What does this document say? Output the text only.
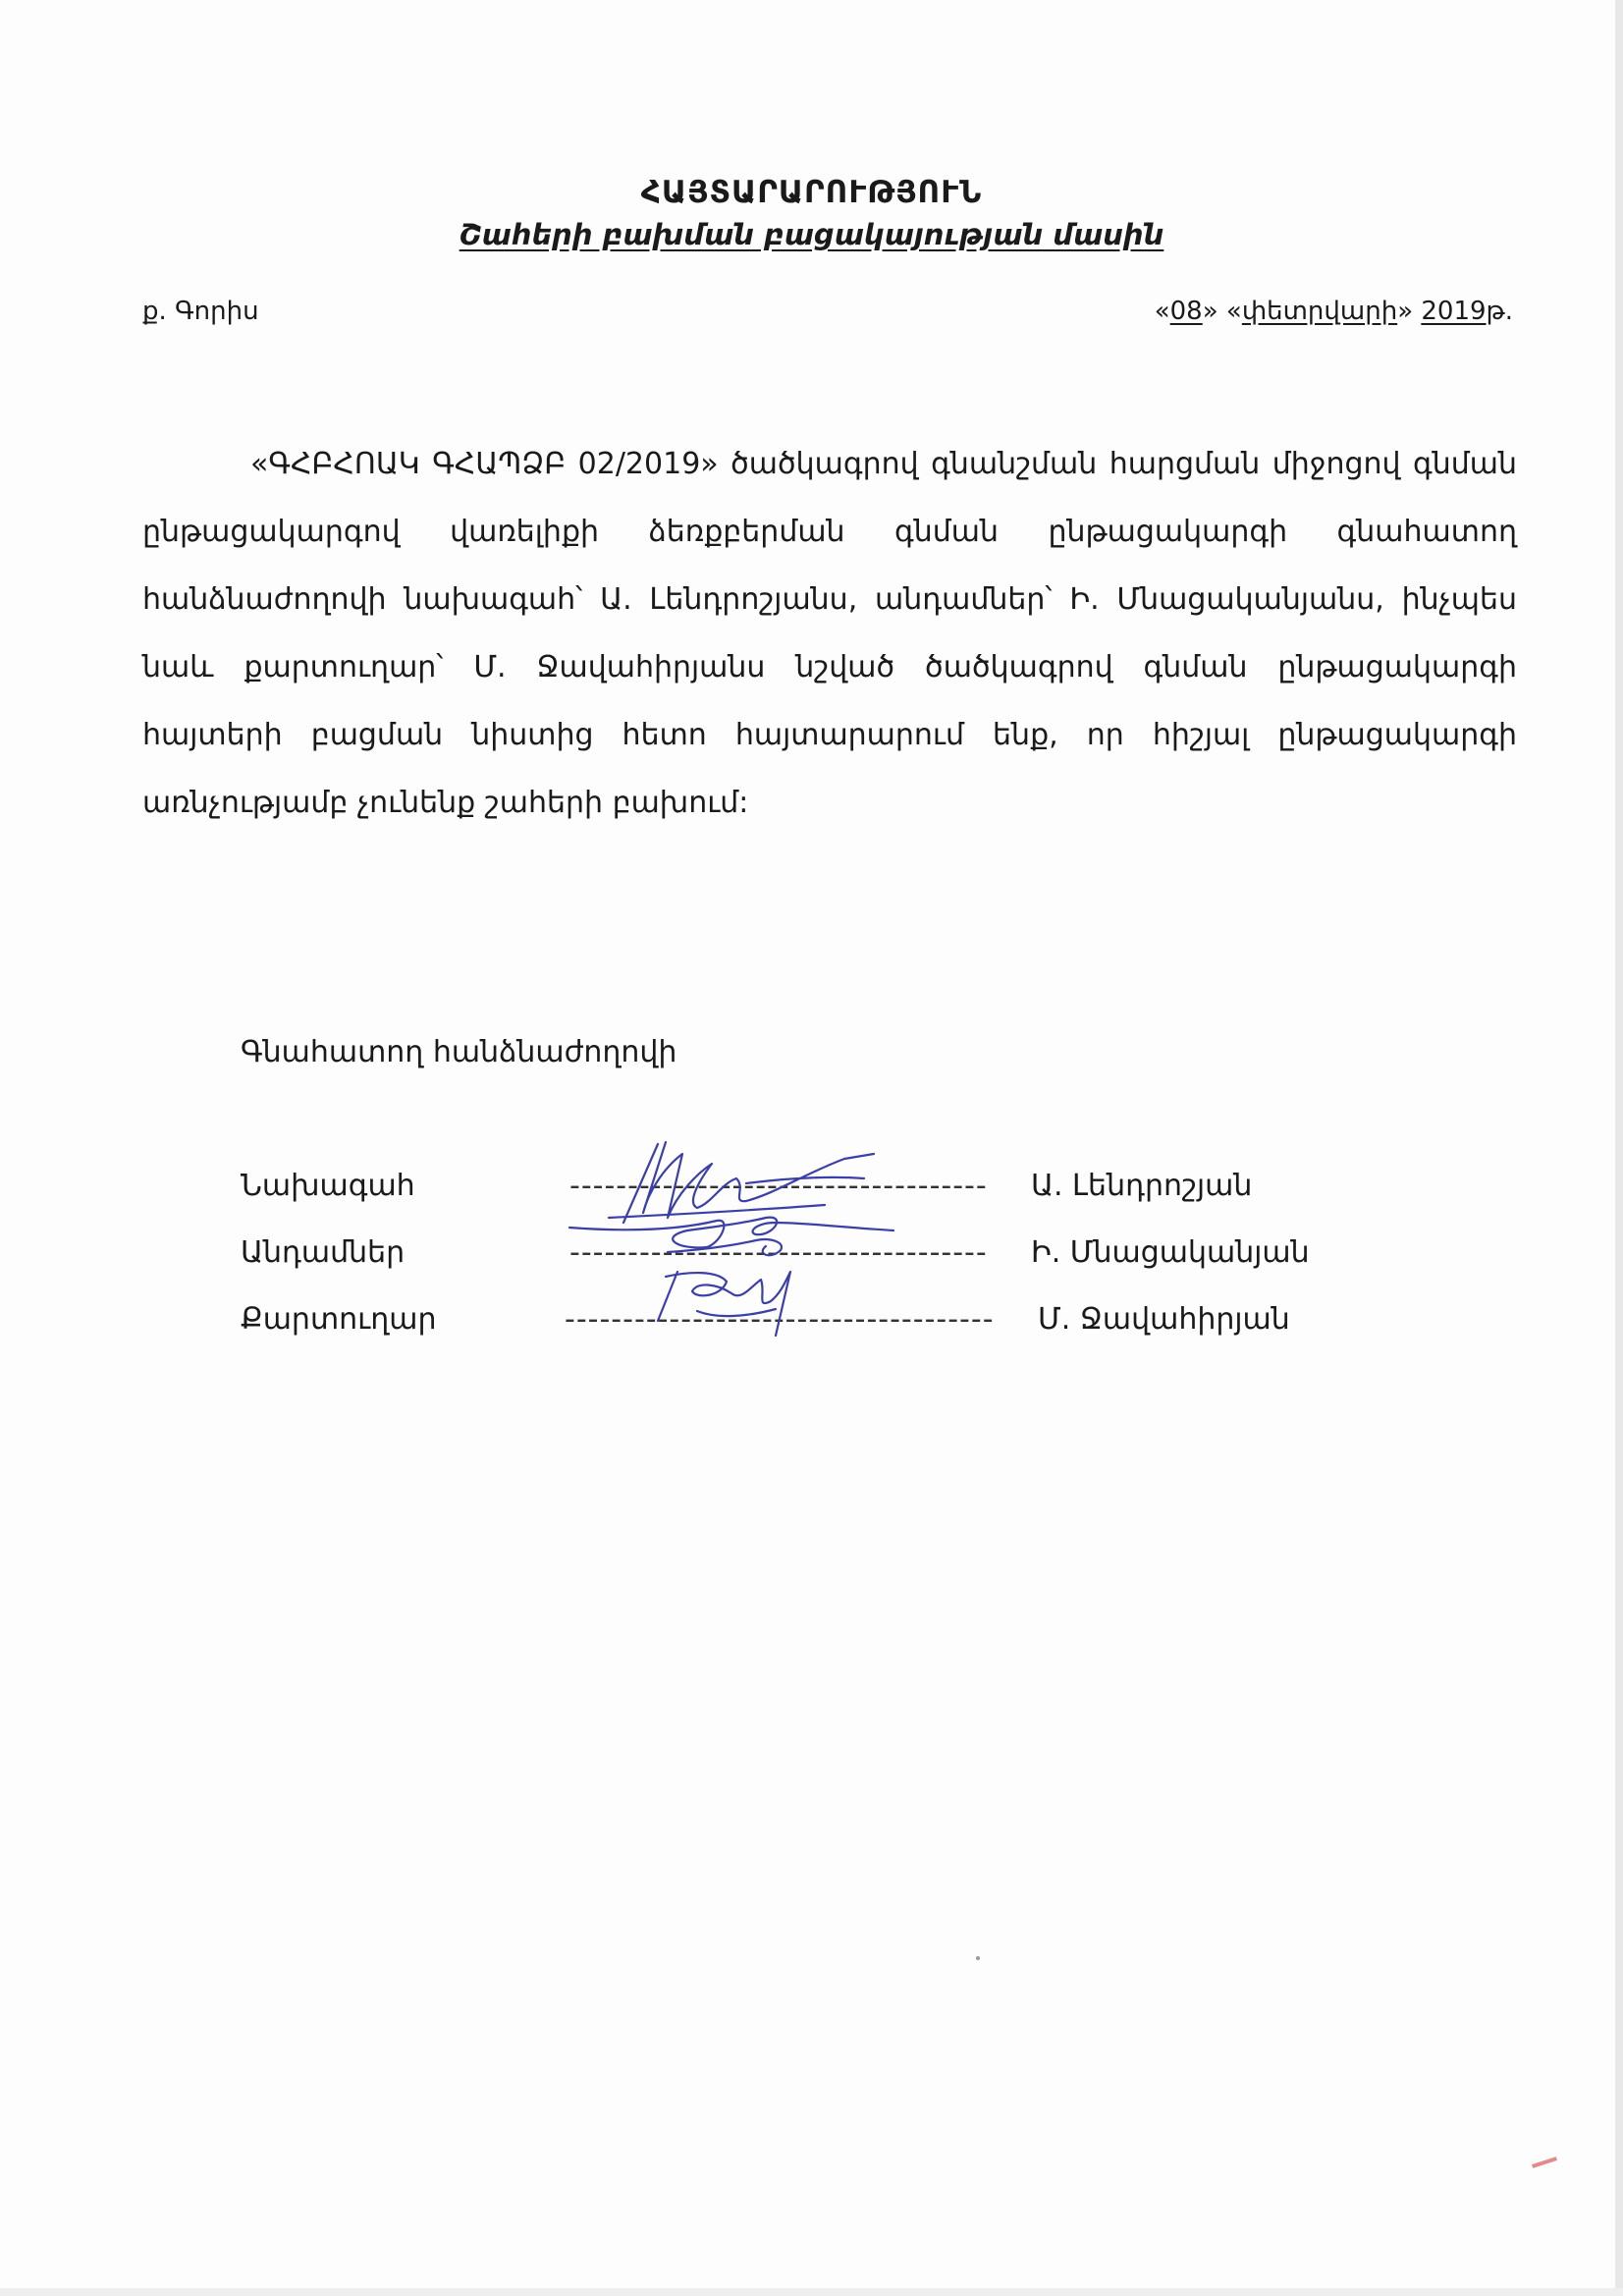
ՀԱՅՏԱՐԱՐՈՒԹՅՈՒՆ
Շահերի բախման բացակայության մասին
ք. Գորիս	«08» «փետրվարի» 2019թ.

«ԳՀԲՀՈԱԿ ԳՀԱՊՁԲ 02/2019» ծածկագրով գնանշման հարցման միջոցով գնման ընթացակարգով վառելիքի ձեռքբերման գնման ընթացակարգի գնահատող հանձնաժողովի նախագահ՝ Ա. Լենդրոշյանս, անդամներ՝ Ի. Մնացականյանս, ինչպես նաև քարտուղար՝ Մ. Ջավահիրյանս նշված ծածկագրով գնման ընթացակարգի հայտերի բացման նիստից հետո հայտարարում ենք, որ հիշյալ ընթացակարգի առնչությամբ չունենք շահերի բախում:

Գնահատող հանձնաժողովի
Նախագահ	------------------------------------ Ա. Լենդրոշյան
Անդամներ	------------------------------------ Ի. Մնացականյան
Քարտուղար	------------------------------------- Մ. Ջավահիրյան
